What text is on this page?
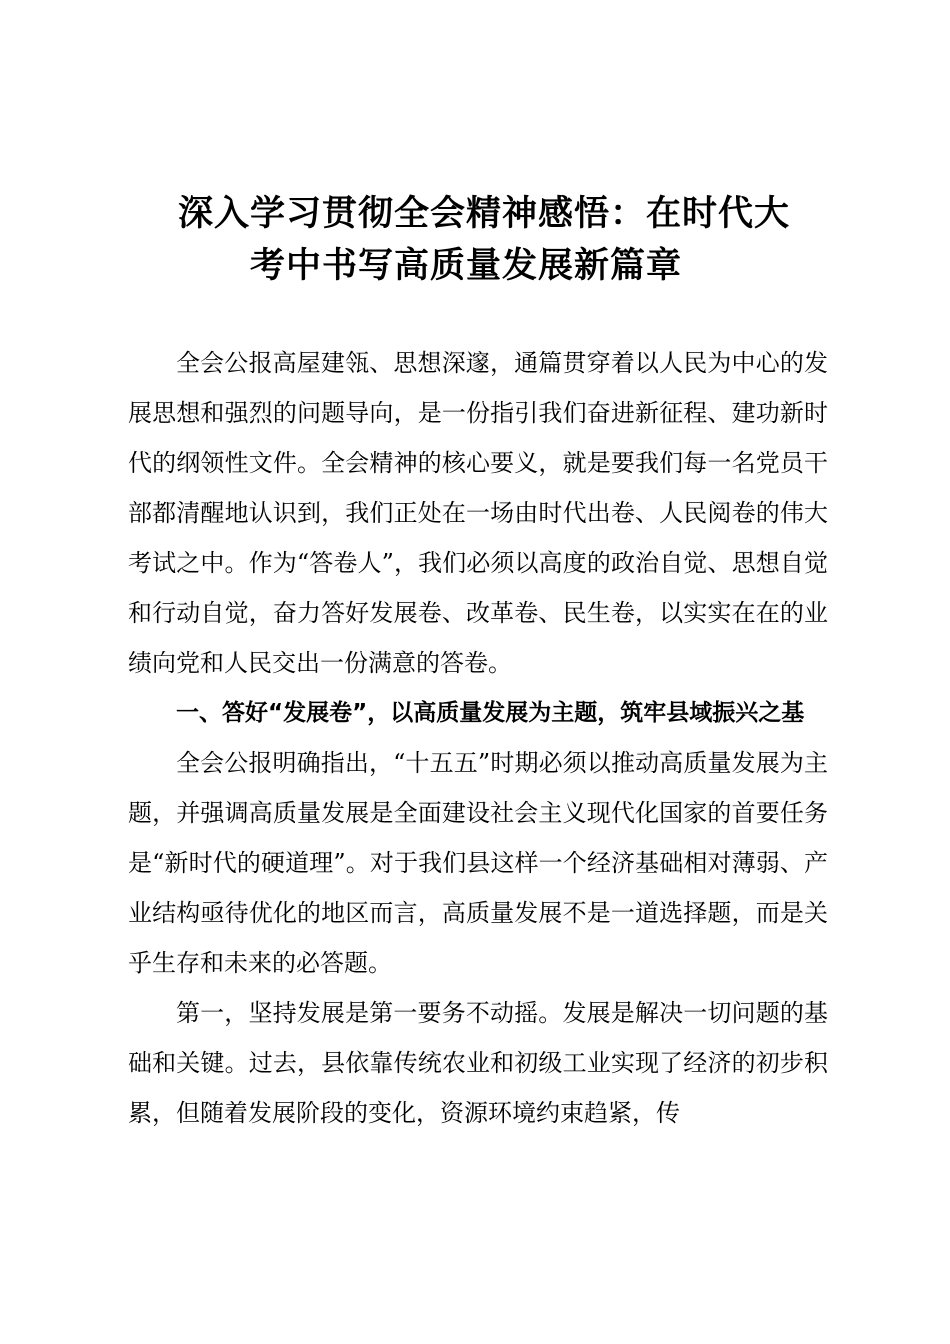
深入学习贯彻全会精神感悟：在时代大
考中书写高质量发展新篇章

全会公报高屋建瓴、思想深邃，通篇贯穿着以人民为中心的发展思想和强烈的问题导向，是一份指引我们奋进新征程、建功新时代的纲领性文件。全会精神的核心要义，就是要我们每一名党员干部都清醒地认识到，我们正处在一场由时代出卷、人民阅卷的伟大考试之中。作为“答卷人”，我们必须以高度的政治自觉、思想自觉和行动自觉，奋力答好发展卷、改革卷、民生卷，以实实在在的业绩向党和人民交出一份满意的答卷。

一、答好“发展卷”，以高质量发展为主题，筑牢县域振兴之基

全会公报明确指出，“十五五”时期必须以推动高质量发展为主题，并强调高质量发展是全面建设社会主义现代化国家的首要任务是“新时代的硬道理”。对于我们县这样一个经济基础相对薄弱、产业结构亟待优化的地区而言，高质量发展不是一道选择题，而是关乎生存和未来的必答题。

第一，坚持发展是第一要务不动摇。发展是解决一切问题的基础和关键。过去，县依靠传统农业和初级工业实现了经济的初步积累，但随着发展阶段的变化，资源环境约束趋紧，传
